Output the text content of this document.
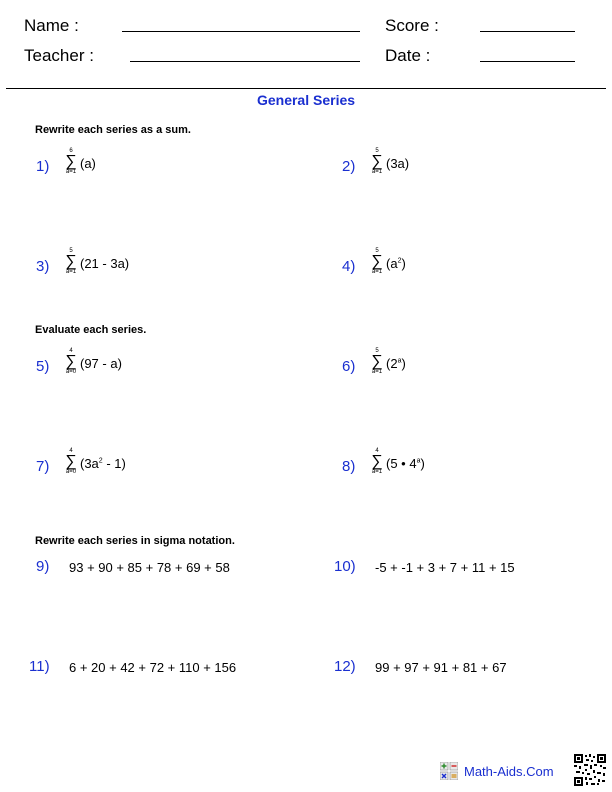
Name :
Teacher :
Score :
Date :
General Series
Rewrite each series as a sum.
Evaluate each series.
Rewrite each series in sigma notation.
1)
6
∑
a=1
(a)	2)
5
∑
a=1
(3a)
3)
5
∑
a=1
(21 - 3a)	4)
5
∑
a=1
$(a^2)$
5)
4
∑
a=0
(97 - a)	6)
5
∑
a=1
(2$^a$)
7)
4
∑
a=0
$(3a^2 - 1)$	8)
4
∑
a=1
(5 • 4$^a$)
9) 93 + 90 + 85 + 78 + 69 + 58	10) -5 + -1 + 3 + 7 + 11 + 15
11) 6 + 20 + 42 + 72 + 110 + 156	12) 99 + 97 + 91 + 81 + 67
Math-Aids.Com
